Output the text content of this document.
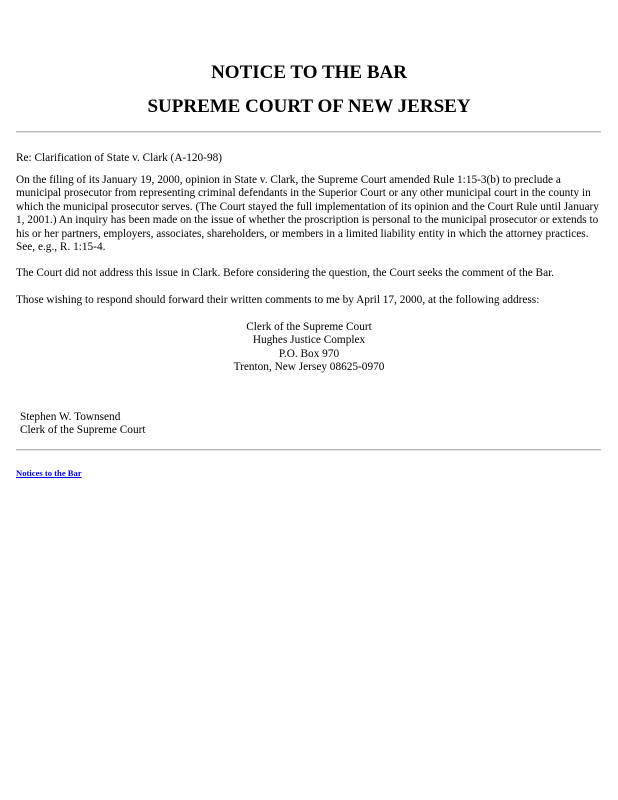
NOTICE TO THE BAR
SUPREME COURT OF NEW JERSEY

Re: Clarification of State v. Clark (A-120-98)

On the filing of its January 19, 2000, opinion in State v. Clark, the Supreme Court amended Rule 1:15-3(b) to preclude a municipal prosecutor from representing criminal defendants in the Superior Court or any other municipal court in the county in which the municipal prosecutor serves. (The Court stayed the full implementation of its opinion and the Court Rule until January 1, 2001.) An inquiry has been made on the issue of whether the proscription is personal to the municipal prosecutor or extends to his or her partners, employers, associates, shareholders, or members in a limited liability entity in which the attorney practices. See, e.g., R. 1:15-4.

The Court did not address this issue in Clark. Before considering the question, the Court seeks the comment of the Bar.

Those wishing to respond should forward their written comments to me by April 17, 2000, at the following address:

Clerk of the Supreme Court
Hughes Justice Complex
P.O. Box 970
Trenton, New Jersey 08625-0970
Stephen W. Townsend
Clerk of the Supreme Court
Notices to the Bar
